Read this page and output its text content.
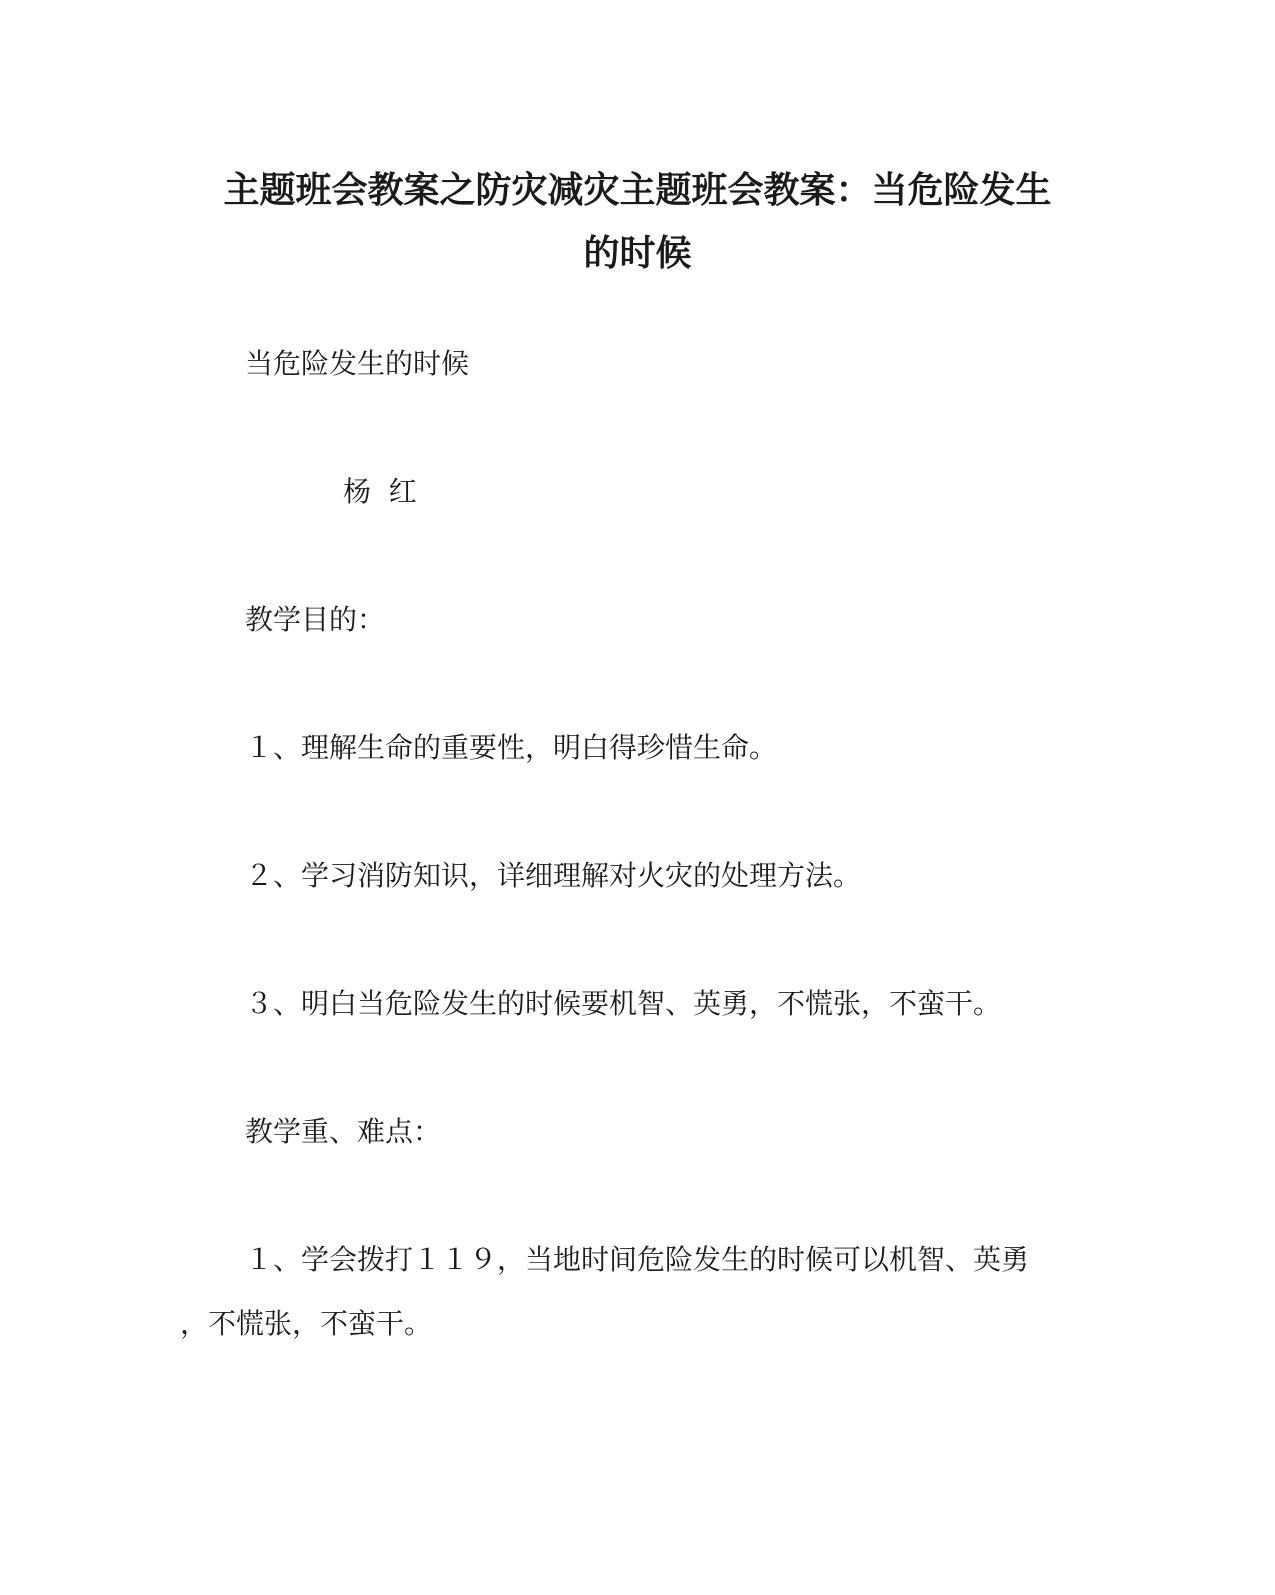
主题班会教案之防灾减灾主题班会教案：当危险发生
的时候

当危险发生的时候

杨  红

教学目的：

１、理解生命的重要性，明白得珍惜生命。

２、学习消防知识，详细理解对火灾的处理方法。

３、明白当危险发生的时候要机智、英勇，不慌张，不蛮干。

教学重、难点：

１、学会拨打１１９，当地时间危险发生的时候可以机智、英勇

，不慌张，不蛮干。
